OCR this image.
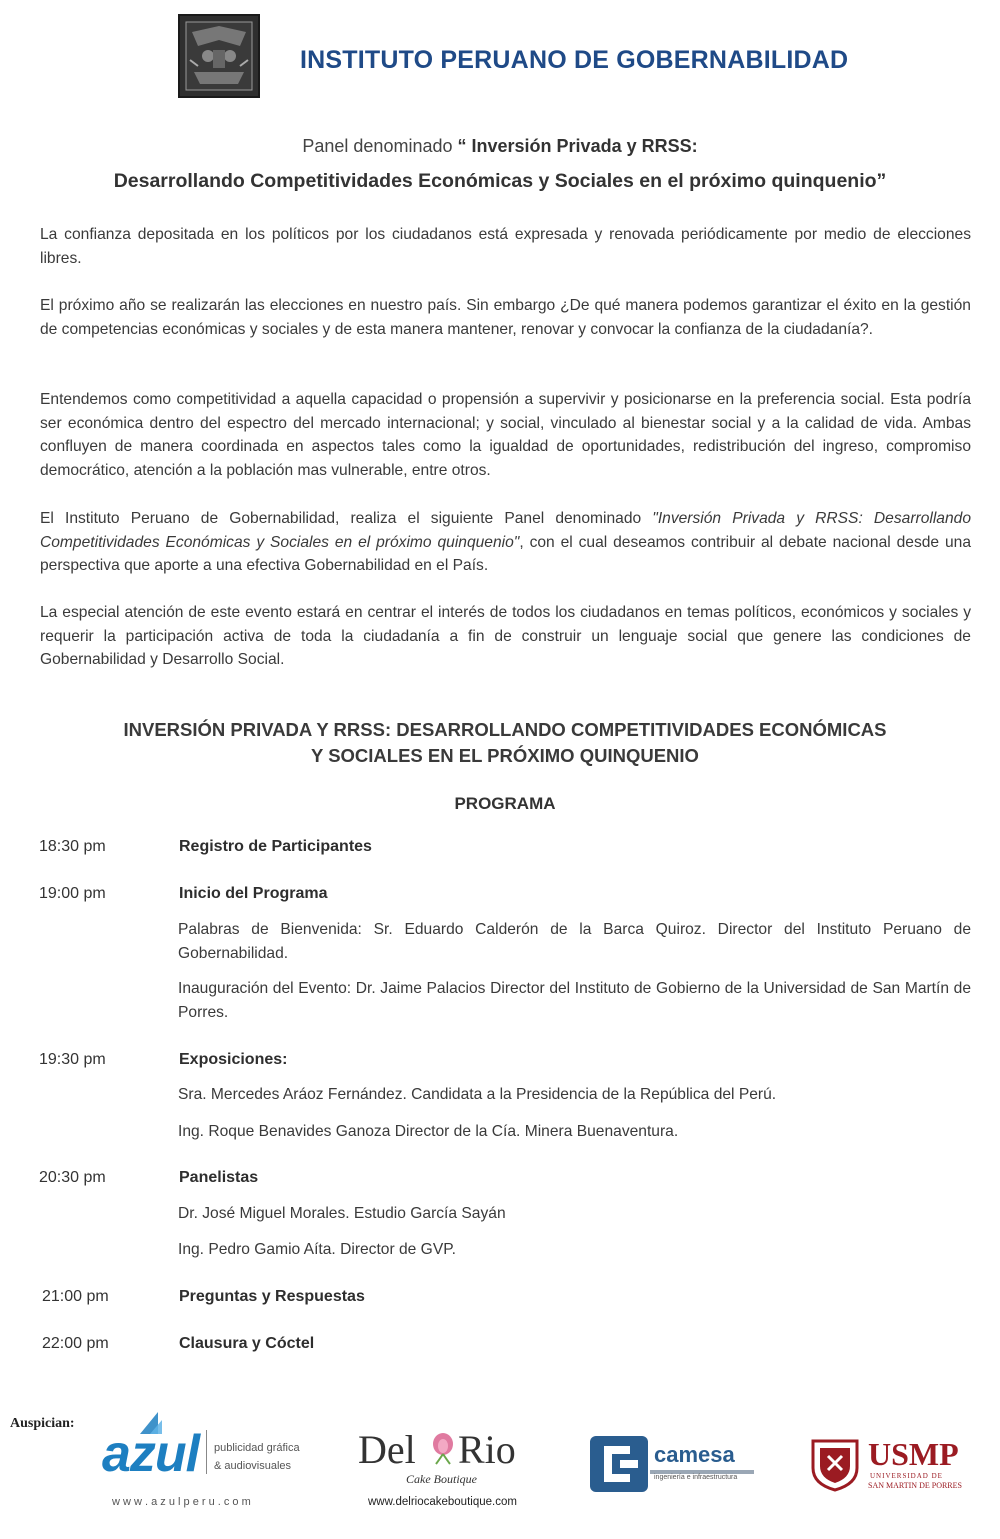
INSTITUTO PERUANO DE GOBERNABILIDAD
Panel denominado “ Inversión Privada y RRSS:
Desarrollando Competitividades Económicas y Sociales en el próximo quinquenio”
La confianza depositada en los políticos por los ciudadanos está expresada y renovada periódicamente por medio de elecciones libres.
El próximo año se realizarán las elecciones en nuestro país. Sin embargo ¿De qué manera podemos garantizar el éxito en la gestión de competencias económicas y sociales y de esta manera mantener, renovar y convocar la confianza de la ciudadanía?.
Entendemos como competitividad a aquella capacidad o propensión a supervivir y posicionarse en la preferencia social. Esta podría ser económica dentro del espectro del mercado internacional; y social, vinculado al bienestar social y a la calidad de vida. Ambas confluyen de manera coordinada en aspectos tales como la igualdad de oportunidades, redistribución del ingreso, compromiso democrático, atención a la población mas vulnerable, entre otros.
El Instituto Peruano de Gobernabilidad, realiza el siguiente Panel denominado "Inversión Privada y RRSS: Desarrollando Competitividades Económicas y Sociales en el próximo quinquenio", con el cual deseamos contribuir al debate nacional desde una perspectiva que aporte a una efectiva Gobernabilidad en el País.
La especial atención de este evento estará en centrar el interés de todos los ciudadanos en temas políticos, económicos y sociales y requerir la participación activa de toda la ciudadanía a fin de construir un lenguaje social que genere las condiciones de Gobernabilidad y Desarrollo Social.
INVERSIÓN PRIVADA Y RRSS: DESARROLLANDO COMPETITIVIDADES ECONÓMICAS
Y SOCIALES EN EL PRÓXIMO QUINQUENIO
PROGRAMA
18:30 pm	Registro de Participantes
19:00 pm	Inicio del Programa
Palabras de Bienvenida: Sr. Eduardo Calderón de la Barca Quiroz. Director del Instituto Peruano de Gobernabilidad.
Inauguración del Evento: Dr. Jaime Palacios Director del Instituto de Gobierno de la Universidad de San Martín de Porres.
19:30 pm	Exposiciones:
Sra. Mercedes Aráoz Fernández. Candidata a la Presidencia de la República del Perú.
Ing. Roque Benavides Ganoza Director de la Cía. Minera Buenaventura.
20:30 pm	Panelistas
Dr. José Miguel Morales. Estudio García Sayán
Ing. Pedro Gamio Aíta. Director de GVP.
21:00 pm	Preguntas y Respuestas
22:00 pm	Clausura y Cóctel
Auspician:
azul publicidad gráfica
& audiovisuales
w w w . a z u l p e r u . c o m
Del Rio
Cake Boutique
www.delriocakeboutique.com
camesa
ingeniería e infraestructura
USMP
UNIVERSIDAD DE
SAN MARTIN DE PORRES
